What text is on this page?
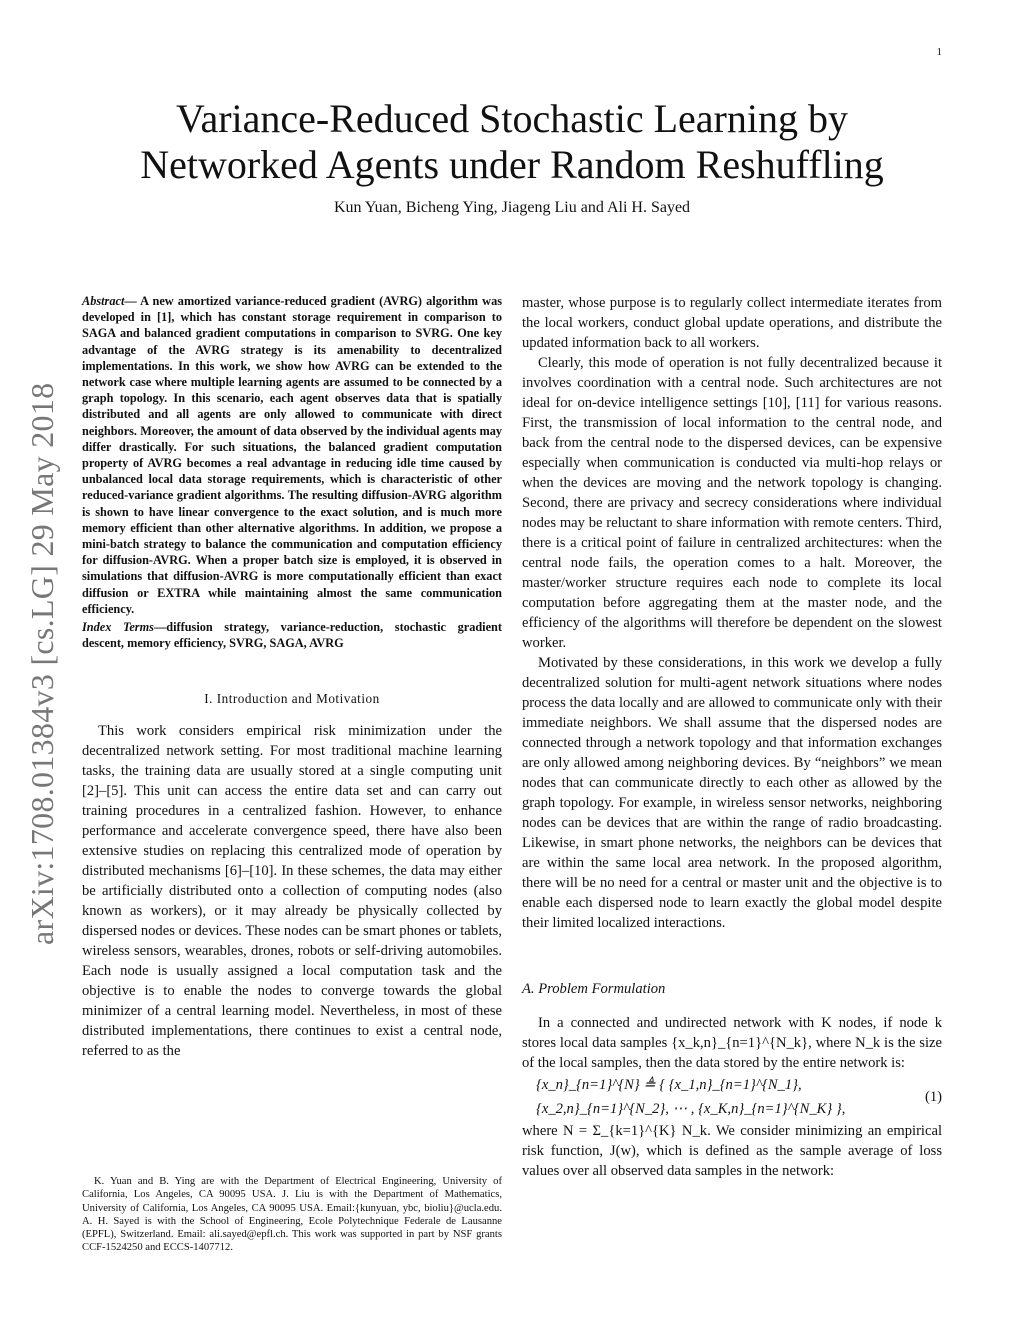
1
arXiv:1708.01384v3 [cs.LG] 29 May 2018
Variance-Reduced Stochastic Learning by Networked Agents under Random Reshuffling
Kun Yuan, Bicheng Ying, Jiageng Liu and Ali H. Sayed

Abstract— A new amortized variance-reduced gradient (AVRG) algorithm was developed in [1], which has constant storage requirement in comparison to SAGA and balanced gradient computations in comparison to SVRG. One key advantage of the AVRG strategy is its amenability to decentralized implementations. In this work, we show how AVRG can be extended to the network case where multiple learning agents are assumed to be connected by a graph topology. In this scenario, each agent observes data that is spatially distributed and all agents are only allowed to communicate with direct neighbors. Moreover, the amount of data observed by the individual agents may differ drastically. For such situations, the balanced gradient computation property of AVRG becomes a real advantage in reducing idle time caused by unbalanced local data storage requirements, which is characteristic of other reduced-variance gradient algorithms. The resulting diffusion-AVRG algorithm is shown to have linear convergence to the exact solution, and is much more memory efficient than other alternative algorithms. In addition, we propose a mini-batch strategy to balance the communication and computation efficiency for diffusion-AVRG. When a proper batch size is employed, it is observed in simulations that diffusion-AVRG is more computationally efficient than exact diffusion or EXTRA while maintaining almost the same communication efficiency.

Index Terms—diffusion strategy, variance-reduction, stochastic gradient descent, memory efficiency, SVRG, SAGA, AVRG

I. Introduction and Motivation

This work considers empirical risk minimization under the decentralized network setting. For most traditional machine learning tasks, the training data are usually stored at a single computing unit [2]–[5]. This unit can access the entire data set and can carry out training procedures in a centralized fashion. However, to enhance performance and accelerate convergence speed, there have also been extensive studies on replacing this centralized mode of operation by distributed mechanisms [6]–[10]. In these schemes, the data may either be artificially distributed onto a collection of computing nodes (also known as workers), or it may already be physically collected by dispersed nodes or devices. These nodes can be smart phones or tablets, wireless sensors, wearables, drones, robots or self-driving automobiles. Each node is usually assigned a local computation task and the objective is to enable the nodes to converge towards the global minimizer of a central learning model. Nevertheless, in most of these distributed implementations, there continues to exist a central node, referred to as the

master, whose purpose is to regularly collect intermediate iterates from the local workers, conduct global update operations, and distribute the updated information back to all workers.

Clearly, this mode of operation is not fully decentralized because it involves coordination with a central node. Such architectures are not ideal for on-device intelligence settings [10], [11] for various reasons. First, the transmission of local information to the central node, and back from the central node to the dispersed devices, can be expensive especially when communication is conducted via multi-hop relays or when the devices are moving and the network topology is changing. Second, there are privacy and secrecy considerations where individual nodes may be reluctant to share information with remote centers. Third, there is a critical point of failure in centralized architectures: when the central node fails, the operation comes to a halt. Moreover, the master/worker structure requires each node to complete its local computation before aggregating them at the master node, and the efficiency of the algorithms will therefore be dependent on the slowest worker.

Motivated by these considerations, in this work we develop a fully decentralized solution for multi-agent network situations where nodes process the data locally and are allowed to communicate only with their immediate neighbors. We shall assume that the dispersed nodes are connected through a network topology and that information exchanges are only allowed among neighboring devices. By “neighbors” we mean nodes that can communicate directly to each other as allowed by the graph topology. For example, in wireless sensor networks, neighboring nodes can be devices that are within the range of radio broadcasting. Likewise, in smart phone networks, the neighbors can be devices that are within the same local area network. In the proposed algorithm, there will be no need for a central or master unit and the objective is to enable each dispersed node to learn exactly the global model despite their limited localized interactions.

A. Problem Formulation

In a connected and undirected network with K nodes, if node k stores local data samples {x_k,n}_{n=1}^{N_k}, where N_k is the size of the local samples, then the data stored by the entire network is:

{x_n}_{n=1}^{N} ≜ { {x_1,n}_{n=1}^{N_1}, {x_2,n}_{n=1}^{N_2}, ⋯ , {x_K,n}_{n=1}^{N_K} },
(1)

where N = Σ_{k=1}^{K} N_k. We consider minimizing an empirical risk function, J(w), which is defined as the sample average of loss values over all observed data samples in the network:

K. Yuan and B. Ying are with the Department of Electrical Engineering, University of California, Los Angeles, CA 90095 USA. J. Liu is with the Department of Mathematics, University of California, Los Angeles, CA 90095 USA. Email:{kunyuan, ybc, bioliu}@ucla.edu. A. H. Sayed is with the School of Engineering, Ecole Polytechnique Federale de Lausanne (EPFL), Switzerland. Email: ali.sayed@epfl.ch. This work was supported in part by NSF grants CCF-1524250 and ECCS-1407712.
